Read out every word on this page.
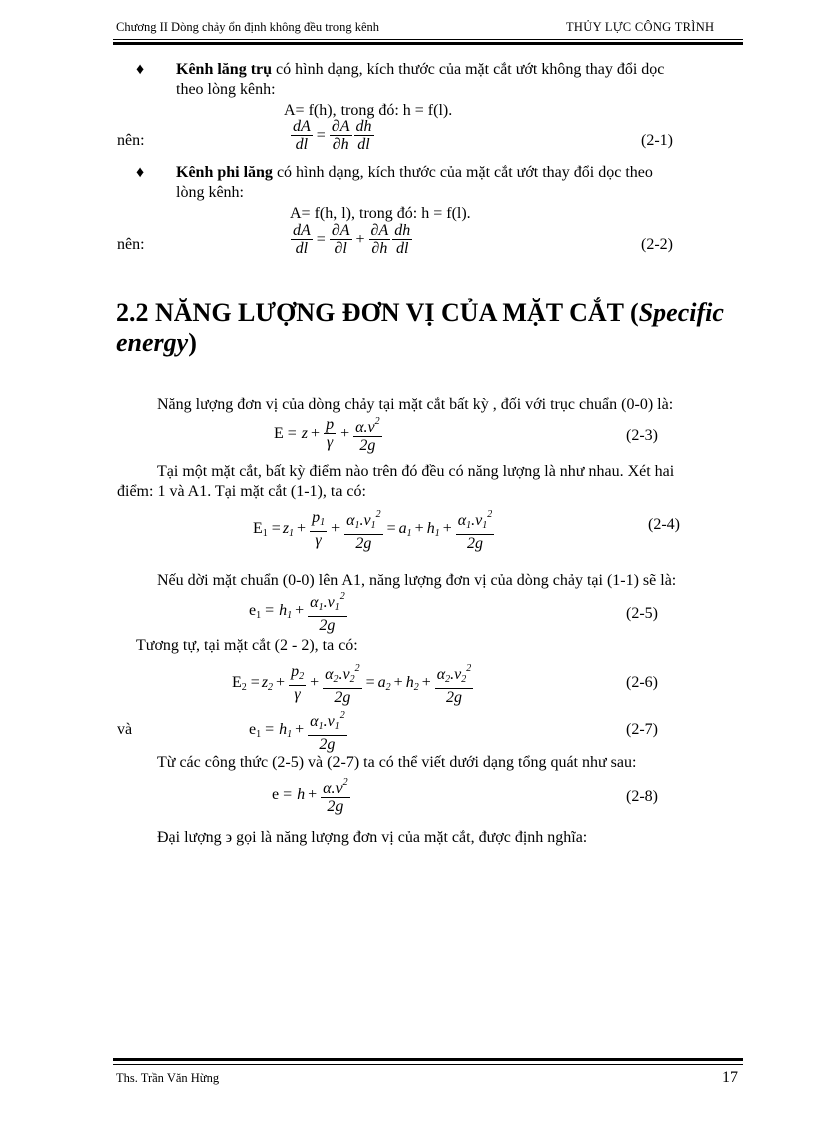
Chương II Dòng chảy ổn định không đều trong kênh	THỦY LỰC CÔNG TRÌNH
♦ Kênh lăng trụ có hình dạng, kích thước của mặt cắt ướt không thay đổi dọc
theo lòng kênh:
A= f(h), trong đó: h = f(l).
nên:	$\frac{dA}{dl} = \frac{\partial A}{\partial h} \frac{dh}{dl}$	(2-1)
♦ Kênh phi lăng có hình dạng, kích thước của mặt cắt ướt thay đổi dọc theo
lòng kênh:
A= f(h, l), trong đó: h = f(l).
nên:	$\frac{dA}{dl} = \frac{\partial A}{\partial l} + \frac{\partial A}{\partial h} \frac{dh}{dl}$	(2-2)
2.2 NĂNG LƯỢNG ĐƠN VỊ CỦA MẶT CẮT (Specific
energy)
Năng lượng đơn vị của dòng chảy tại mặt cắt bất kỳ , đối với trục chuẩn (0-0) là:
$E = z + \frac{p}{\gamma} + \frac{\alpha.v^2}{2g}$	(2-3)
Tại một mặt cắt, bất kỳ điểm nào trên đó đều có năng lượng là như nhau. Xét hai
điểm: 1 và A1. Tại mặt cắt (1-1), ta có:
$E_1 = z_1 + \frac{p_1}{\gamma} + \frac{\alpha_1.v_1^2}{2g} = a_1 + h_1 + \frac{\alpha_1.v_1^2}{2g}$	(2-4)
Nếu dời mặt chuẩn (0-0) lên A1, năng lượng đơn vị của dòng chảy tại (1-1) sẽ là:
$e_1 = h_1 + \frac{\alpha_1.v_1^2}{2g}$	(2-5)
Tương tự, tại mặt cắt (2 - 2), ta có:
$E_2 = z_2 + \frac{p_2}{\gamma} + \frac{\alpha_2.v_2^2}{2g} = a_2 + h_2 + \frac{\alpha_2.v_2^2}{2g}$	(2-6)
và	$e_1 = h_1 + \frac{\alpha_1.v_1^2}{2g}$	(2-7)
Từ các công thức (2-5) và (2-7) ta có thể viết dưới dạng tổng quát như sau:
$e = h + \frac{\alpha.v^2}{2g}$	(2-8)
Đại lượng ϶ gọi là năng lượng đơn vị của mặt cắt, được định nghĩa:
Ths. Trần Văn Hừng	17
